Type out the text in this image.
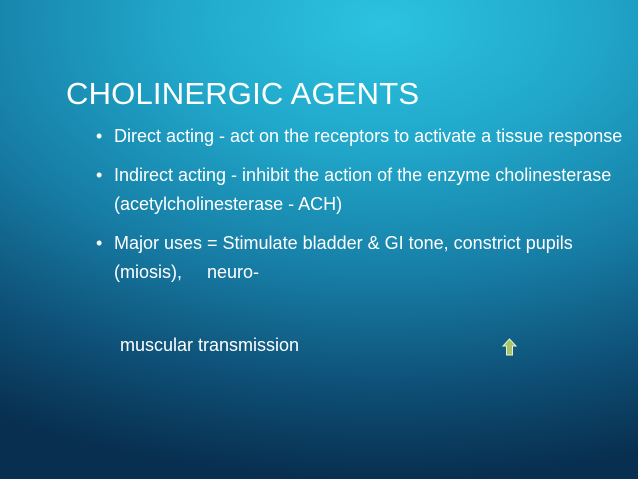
CHOLINERGIC AGENTS
• Direct acting - act on the receptors to activate a tissue response
• Indirect acting - inhibit the action of the enzyme cholinesterase (acetylcholinesterase - ACH)
• Major uses = Stimulate bladder & GI tone, constrict pupils (miosis),     neuro-
muscular transmission
